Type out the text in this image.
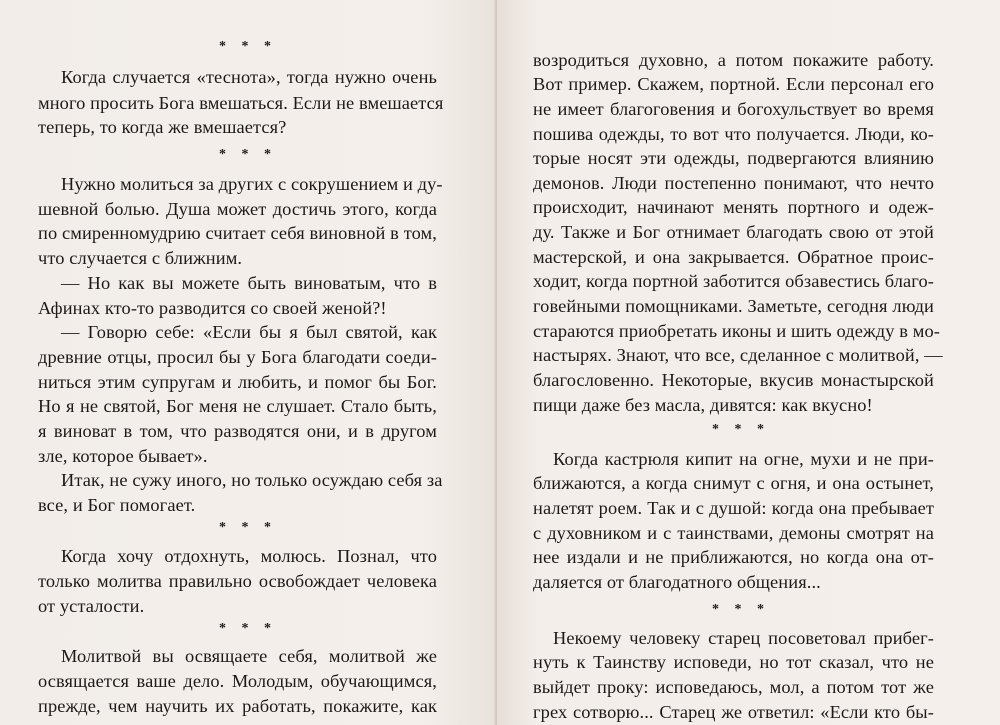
* * *
Когда случается «теснота», тогда нужно очень
много просить Бога вмешаться. Если не вмешается
теперь, то когда же вмешается?
* * *
Нужно молиться за других с сокрушением и ду-
шевной болью. Душа может достичь этого, когда
по смиренномудрию считает себя виновной в том,
что случается с ближним.
— Но как вы можете быть виноватым, что в
Афинах кто-то разводится со своей женой?!
— Говорю себе: «Если бы я был святой, как
древние отцы, просил бы у Бога благодати соеди-
ниться этим супругам и любить, и помог бы Бог.
Но я не святой, Бог меня не слушает. Стало быть,
я виноват в том, что разводятся они, и в другом
зле, которое бывает».
Итак, не сужу иного, но только осуждаю себя за
все, и Бог помогает.
* * *
Когда хочу отдохнуть, молюсь. Познал, что
только молитва правильно освобождает человека
от усталости.
* * *
Молитвой вы освящаете себя, молитвой же
освящается ваше дело. Молодым, обучающимся,
прежде, чем научить их работать, покажите, как
возродиться духовно, а потом покажите работу.
Вот пример. Скажем, портной. Если персонал его
не имеет благоговения и богохульствует во время
пошива одежды, то вот что получается. Люди, ко-
торые носят эти одежды, подвергаются влиянию
демонов. Люди постепенно понимают, что нечто
происходит, начинают менять портного и одеж-
ду. Также и Бог отнимает благодать свою от этой
мастерской, и она закрывается. Обратное проис-
ходит, когда портной заботится обзавестись благо-
говейными помощниками. Заметьте, сегодня люди
стараются приобретать иконы и шить одежду в мо-
настырях. Знают, что все, сделанное с молитвой, —
благословенно. Некоторые, вкусив монастырской
пищи даже без масла, дивятся: как вкусно!
* * *
Когда кастрюля кипит на огне, мухи и не при-
ближаются, а когда снимут с огня, и она остынет,
налетят роем. Так и с душой: когда она пребывает
с духовником и с таинствами, демоны смотрят на
нее издали и не приближаются, но когда она от-
даляется от благодатного общения...
* * *
Некоему человеку старец посоветовал прибег-
нуть к Таинству исповеди, но тот сказал, что не
выйдет проку: исповедаюсь, мол, а потом тот же
грех сотворю... Старец же ответил: «Если кто бы-
